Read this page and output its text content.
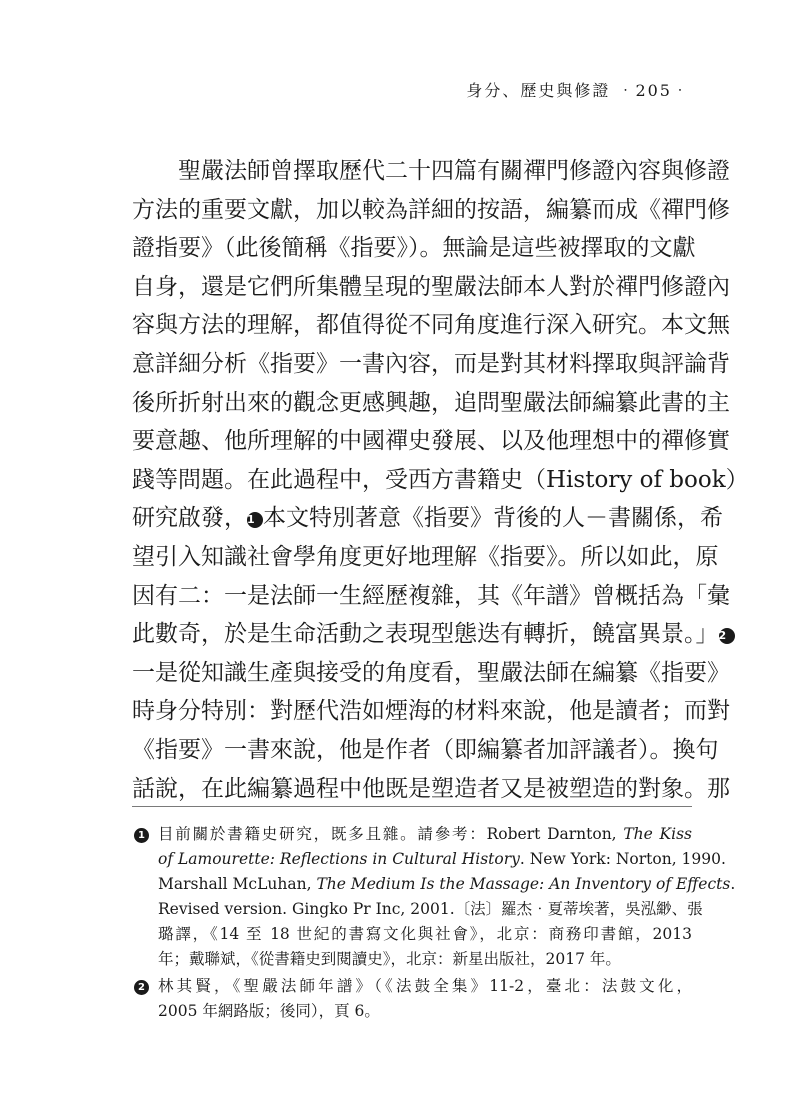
身分、歷史與修證 ‧205‧
聖嚴法師曾擇取歷代二十四篇有關禪門修證內容與修證
方法的重要文獻，加以較為詳細的按語，編纂而成《禪門修
證指要》（此後簡稱《指要》）。無論是這些被擇取的文獻
自身，還是它們所集體呈現的聖嚴法師本人對於禪門修證內
容與方法的理解，都值得從不同角度進行深入研究。本文無
意詳細分析《指要》一書內容，而是對其材料擇取與評論背
後所折射出來的觀念更感興趣，追問聖嚴法師編纂此書的主
要意趣、他所理解的中國禪史發展、以及他理想中的禪修實
踐等問題。在此過程中，受西方書籍史（History of book）
研究啟發，1 本文特別著意《指要》背後的人－書關係，希
望引入知識社會學角度更好地理解《指要》。所以如此，原
因有二：一是法師一生經歷複雜，其《年譜》曾概括為「彙
此數奇，於是生命活動之表現型態迭有轉折，饒富異景。」2
一是從知識生產與接受的角度看，聖嚴法師在編纂《指要》
時身分特別：對歷代浩如煙海的材料來說，他是讀者；而對
《指要》一書來說，他是作者（即編纂者加評議者）。換句
話說，在此編纂過程中他既是塑造者又是被塑造的對象。那
1 目前關於書籍史研究，既多且雜。請參考：Robert Darnton, The Kiss
of Lamourette: Reflections in Cultural History. New York: Norton, 1990.
Marshall McLuhan, The Medium Is the Massage: An Inventory of Effects.
Revised version. Gingko Pr Inc, 2001.〔法〕羅杰‧夏蒂埃著，吳泓緲、張
璐譯，《14 至 18 世紀的書寫文化與社會》，北京：商務印書館，2013
年；戴聯斌，《從書籍史到閱讀史》，北京：新星出版社，2017 年。
2 林其賢，《聖嚴法師年譜》（《法鼓全集》11-2，臺北：法鼓文化，
2005 年網路版；後同），頁 6。
